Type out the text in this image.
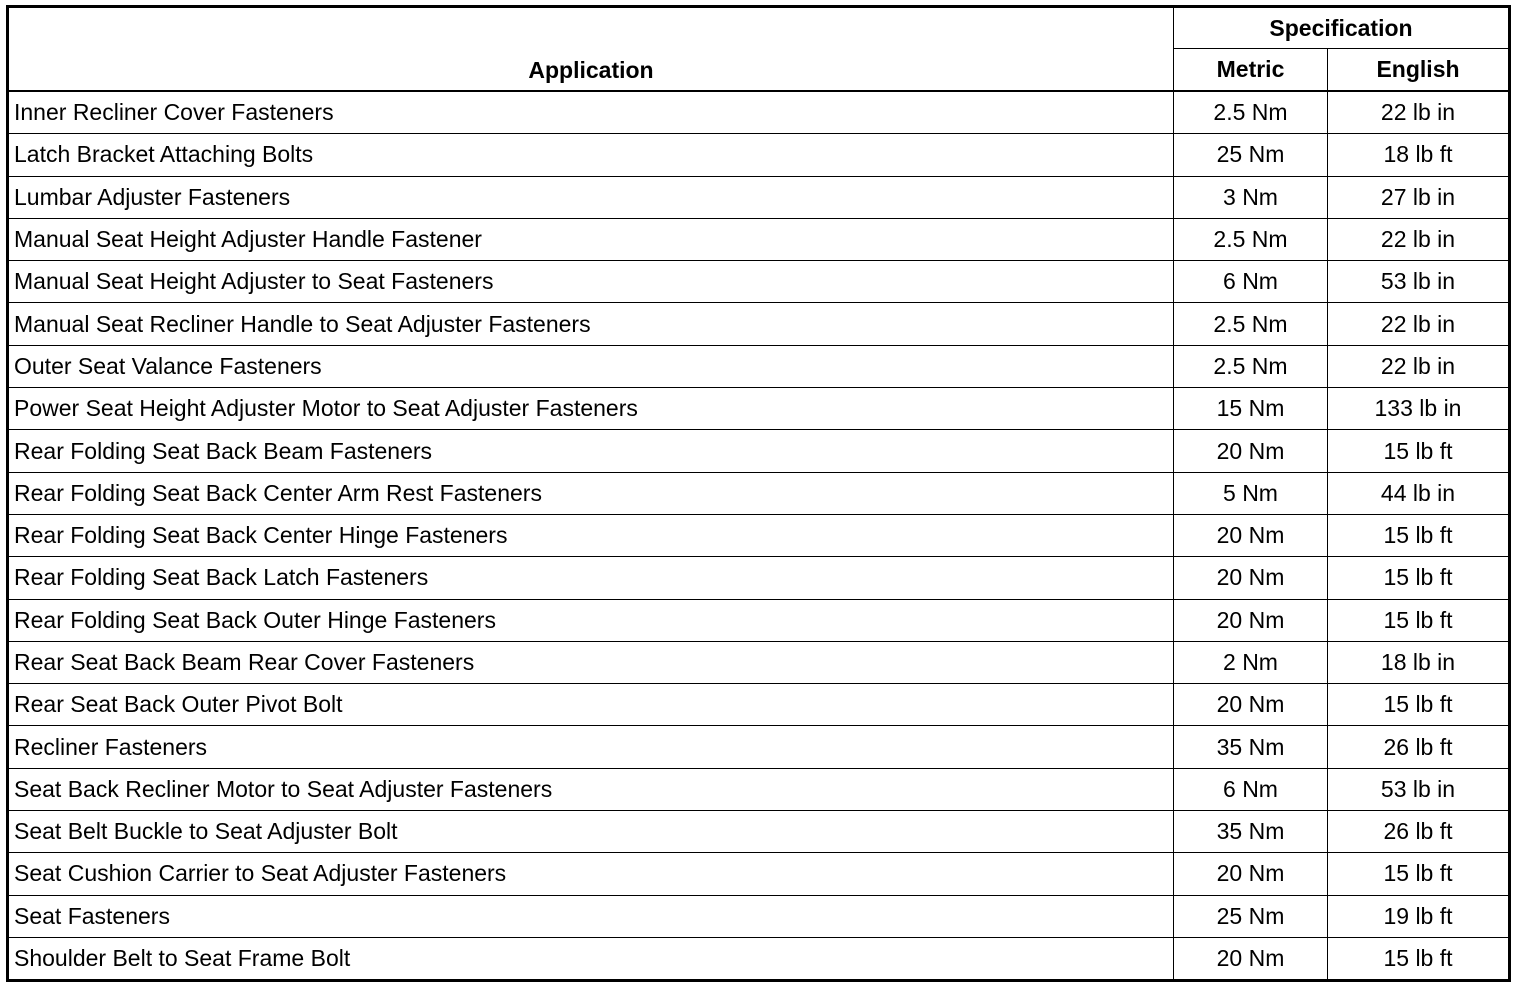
Application	Specification	
	Metric	English
Inner Recliner Cover Fasteners	2.5 Nm	22 lb in
Latch Bracket Attaching Bolts	25 Nm	18 lb ft
Lumbar Adjuster Fasteners	3 Nm	27 lb in
Manual Seat Height Adjuster Handle Fastener	2.5 Nm	22 lb in
Manual Seat Height Adjuster to Seat Fasteners	6 Nm	53 lb in
Manual Seat Recliner Handle to Seat Adjuster Fasteners	2.5 Nm	22 lb in
Outer Seat Valance Fasteners	2.5 Nm	22 lb in
Power Seat Height Adjuster Motor to Seat Adjuster Fasteners	15 Nm	133 lb in
Rear Folding Seat Back Beam Fasteners	20 Nm	15 lb ft
Rear Folding Seat Back Center Arm Rest Fasteners	5 Nm	44 lb in
Rear Folding Seat Back Center Hinge Fasteners	20 Nm	15 lb ft
Rear Folding Seat Back Latch Fasteners	20 Nm	15 lb ft
Rear Folding Seat Back Outer Hinge Fasteners	20 Nm	15 lb ft
Rear Seat Back Beam Rear Cover Fasteners	2 Nm	18 lb in
Rear Seat Back Outer Pivot Bolt	20 Nm	15 lb ft
Recliner Fasteners	35 Nm	26 lb ft
Seat Back Recliner Motor to Seat Adjuster Fasteners	6 Nm	53 lb in
Seat Belt Buckle to Seat Adjuster Bolt	35 Nm	26 lb ft
Seat Cushion Carrier to Seat Adjuster Fasteners	20 Nm	15 lb ft
Seat Fasteners	25 Nm	19 lb ft
Shoulder Belt to Seat Frame Bolt	20 Nm	15 lb ft
